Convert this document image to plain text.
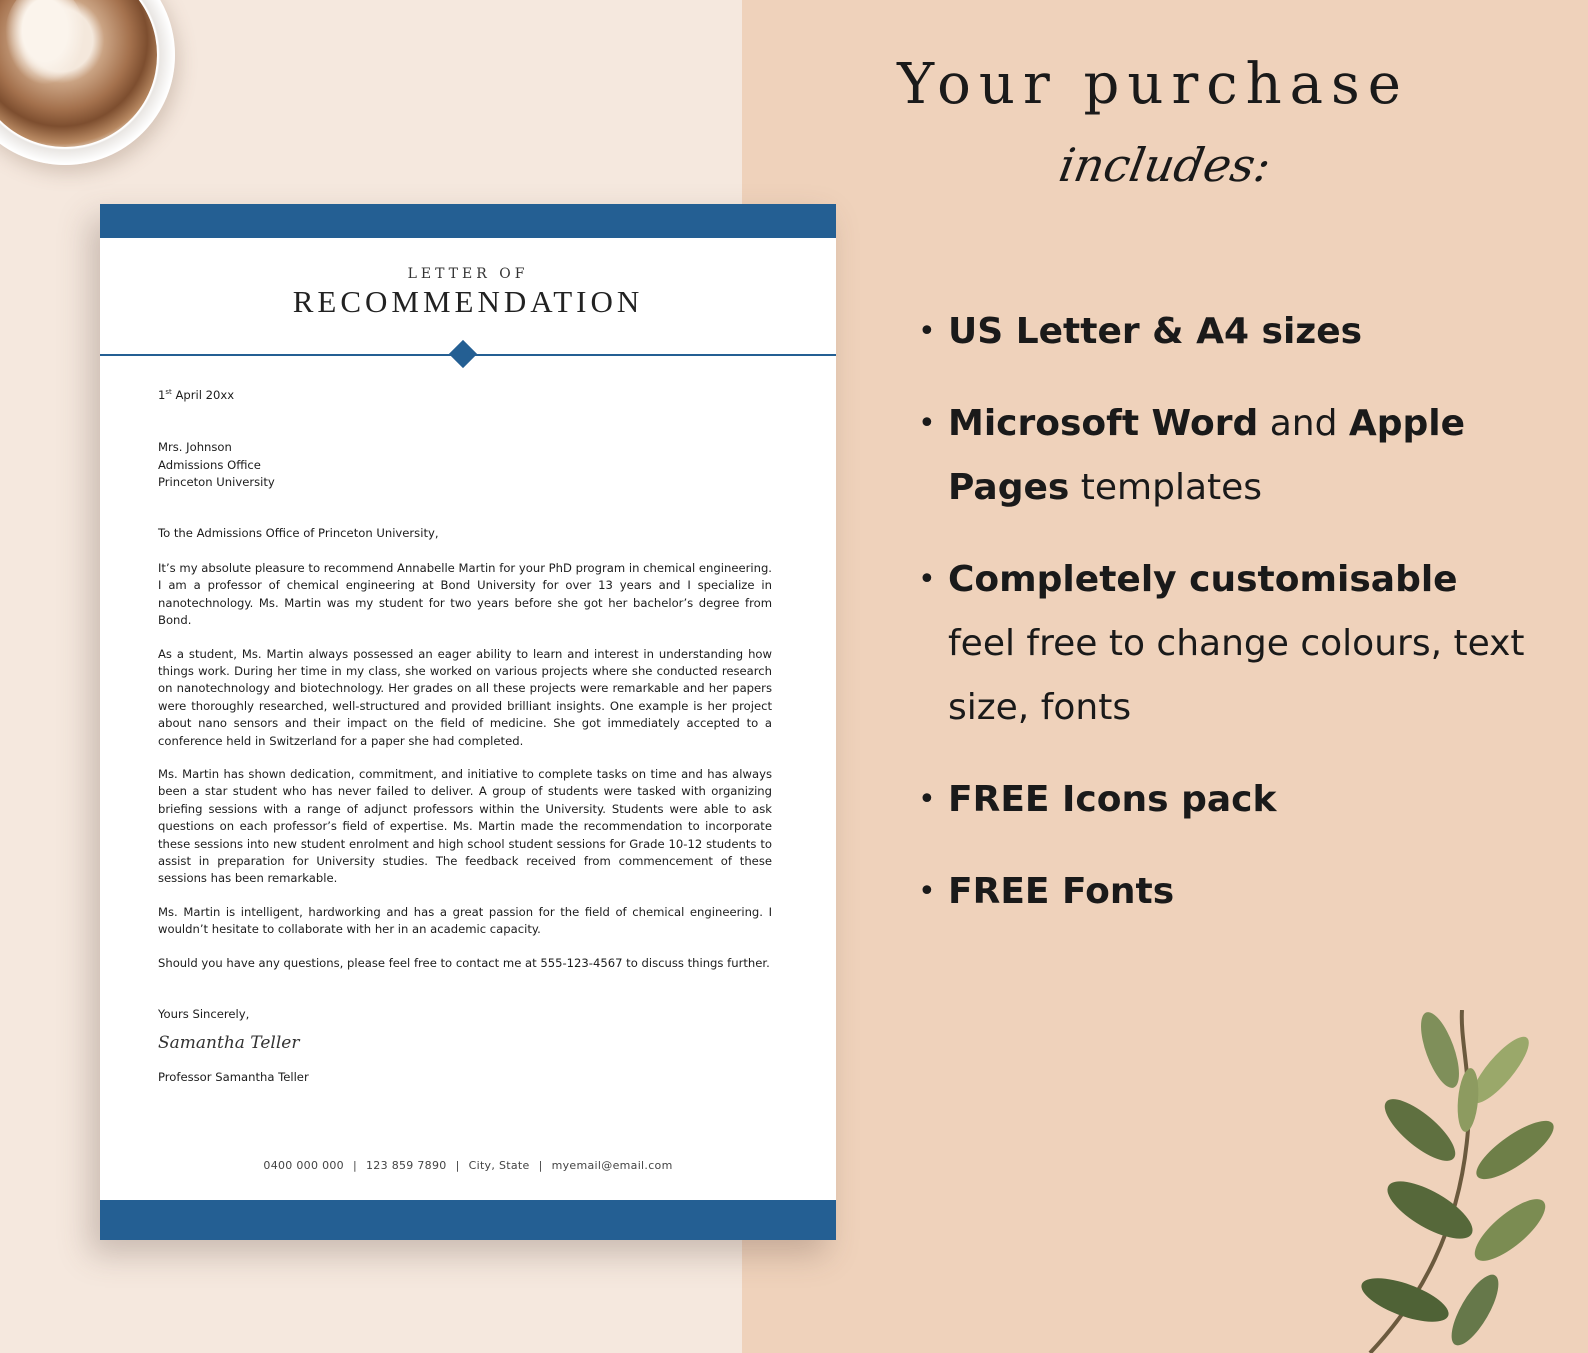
LETTER OF
RECOMMENDATION
1st April 20xx
Mrs. Johnson
Admissions Office
Princeton University
To the Admissions Office of Princeton University,

It’s my absolute pleasure to recommend Annabelle Martin for your PhD program in chemical engineering. I am a professor of chemical engineering at Bond University for over 13 years and I specialize in nanotechnology. Ms. Martin was my student for two years before she got her bachelor’s degree from Bond.

As a student, Ms. Martin always possessed an eager ability to learn and interest in understanding how things work. During her time in my class, she worked on various projects where she conducted research on nanotechnology and biotechnology. Her grades on all these projects were remarkable and her papers were thoroughly researched, well-structured and provided brilliant insights. One example is her project about nano sensors and their impact on the field of medicine. She got immediately accepted to a conference held in Switzerland for a paper she had completed.

Ms. Martin has shown dedication, commitment, and initiative to complete tasks on time and has always been a star student who has never failed to deliver. A group of students were tasked with organizing briefing sessions with a range of adjunct professors within the University. Students were able to ask questions on each professor’s field of expertise. Ms. Martin made the recommendation to incorporate these sessions into new student enrolment and high school student sessions for Grade 10-12 students to assist in preparation for University studies. The feedback received from commencement of these sessions has been remarkable.

Ms. Martin is intelligent, hardworking and has a great passion for the field of chemical engineering. I wouldn’t hesitate to collaborate with her in an academic capacity.

Should you have any questions, please feel free to contact me at 555-123-4567 to discuss things further.

Yours Sincerely,
Samantha Teller
Professor Samantha Teller
0400 000 000 | 123 859 7890 | City, State | myemail@email.com
Your purchase
includes:
• US Letter & A4 sizes
• Microsoft Word and Apple Pages templates
• Completely customisable
feel free to change colours, text size, fonts
• FREE Icons pack
• FREE Fonts
